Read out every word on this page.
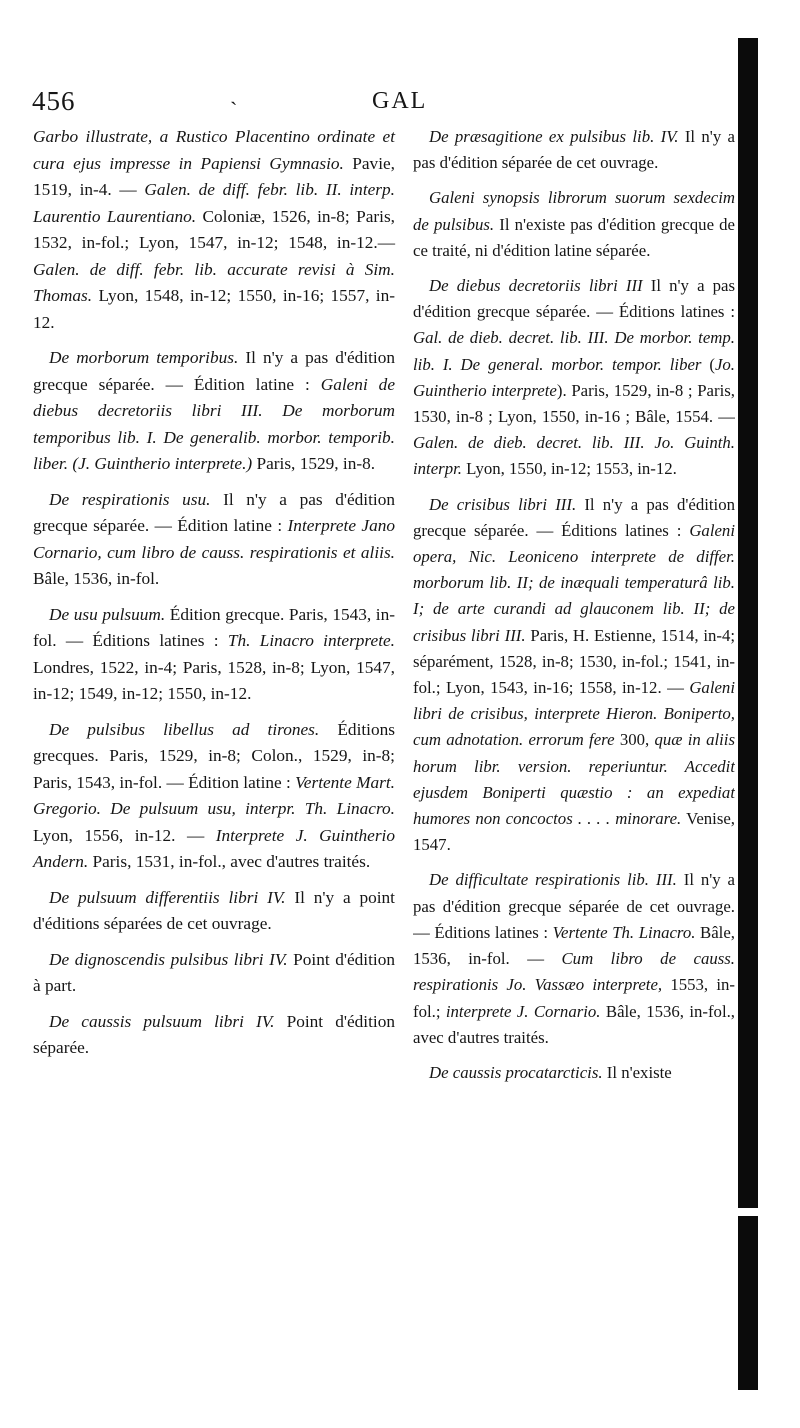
456	ˎ	GAL

Garbo illustrate, a Rustico Placentino ordinate et cura ejus impresse in Papiensi Gymnasio. Pavie, 1519, in-4. — Galen. de diff. febr. lib. II. interp. Laurentio Laurentiano. Coloniæ, 1526, in-8; Paris, 1532, in-fol.; Lyon, 1547, in-12; 1548, in-12.—Galen. de diff. febr. lib. accurate revisi à Sim. Thomas. Lyon, 1548, in-12; 1550, in-16; 1557, in-12.

De morborum temporibus. Il n'y a pas d'édition grecque séparée. — Édition latine : Galeni de diebus decretoriis libri III. De morborum temporibus lib. I. De generalib. morbor. temporib. liber. (J. Guintherio interprete.) Paris, 1529, in-8.

De respirationis usu. Il n'y a pas d'édition grecque séparée. — Édition latine : Interprete Jano Cornario, cum libro de causs. respirationis et aliis. Bâle, 1536, in-fol.

De usu pulsuum. Édition grecque. Paris, 1543, in-fol. — Éditions latines : Th. Linacro interprete. Londres, 1522, in-4; Paris, 1528, in-8; Lyon, 1547, in-12; 1549, in-12; 1550, in-12.

De pulsibus libellus ad tirones. Éditions grecques. Paris, 1529, in-8; Colon., 1529, in-8; Paris, 1543, in-fol. — Édition latine : Vertente Mart. Gregorio. De pulsuum usu, interpr. Th. Linacro. Lyon, 1556, in-12. — Interprete J. Guintherio Andern. Paris, 1531, in-fol., avec d'autres traités.

De pulsuum differentiis libri IV. Il n'y a point d'éditions séparées de cet ouvrage.

De dignoscendis pulsibus libri IV. Point d'édition à part.

De caussis pulsuum libri IV. Point d'édition séparée.

De præsagitione ex pulsibus lib. IV. Il n'y a pas d'édition séparée de cet ouvrage.

Galeni synopsis librorum suorum sexdecim de pulsibus. Il n'existe pas d'édition grecque de ce traité, ni d'édition latine séparée.

De diebus decretoriis libri III Il n'y a pas d'édition grecque séparée. — Éditions latines : Gal. de dieb. decret. lib. III. De morbor. temp. lib. I. De general. morbor. tempor. liber (Jo. Guintherio interprete). Paris, 1529, in-8 ; Paris, 1530, in-8 ; Lyon, 1550, in-16 ; Bâle, 1554. — Galen. de dieb. decret. lib. III. Jo. Guinth. interpr. Lyon, 1550, in-12; 1553, in-12.

De crisibus libri III. Il n'y a pas d'édition grecque séparée. — Éditions latines : Galeni opera, Nic. Leoniceno interprete de differ. morborum lib. II; de inæquali temperaturâ lib. I; de arte curandi ad glauconem lib. II; de crisibus libri III. Paris, H. Estienne, 1514, in-4; séparément, 1528, in-8; 1530, in-fol.; 1541, in-fol.; Lyon, 1543, in-16; 1558, in-12. — Galeni libri de crisibus, interprete Hieron. Boniperto, cum adnotation. errorum fere 300, quæ in aliis horum libr. version. reperiuntur. Accedit ejusdem Boniperti quæstio : an expediat humores non concoctos . . . . minorare. Venise, 1547.

De difficultate respirationis lib. III. Il n'y a pas d'édition grecque séparée de cet ouvrage. — Éditions latines : Vertente Th. Linacro. Bâle, 1536, in-fol. — Cum libro de causs. respirationis Jo. Vassæo interprete, 1553, in-fol.; interprete J. Cornario. Bâle, 1536, in-fol., avec d'autres traités.

De caussis procatarcticis. Il n'existe
